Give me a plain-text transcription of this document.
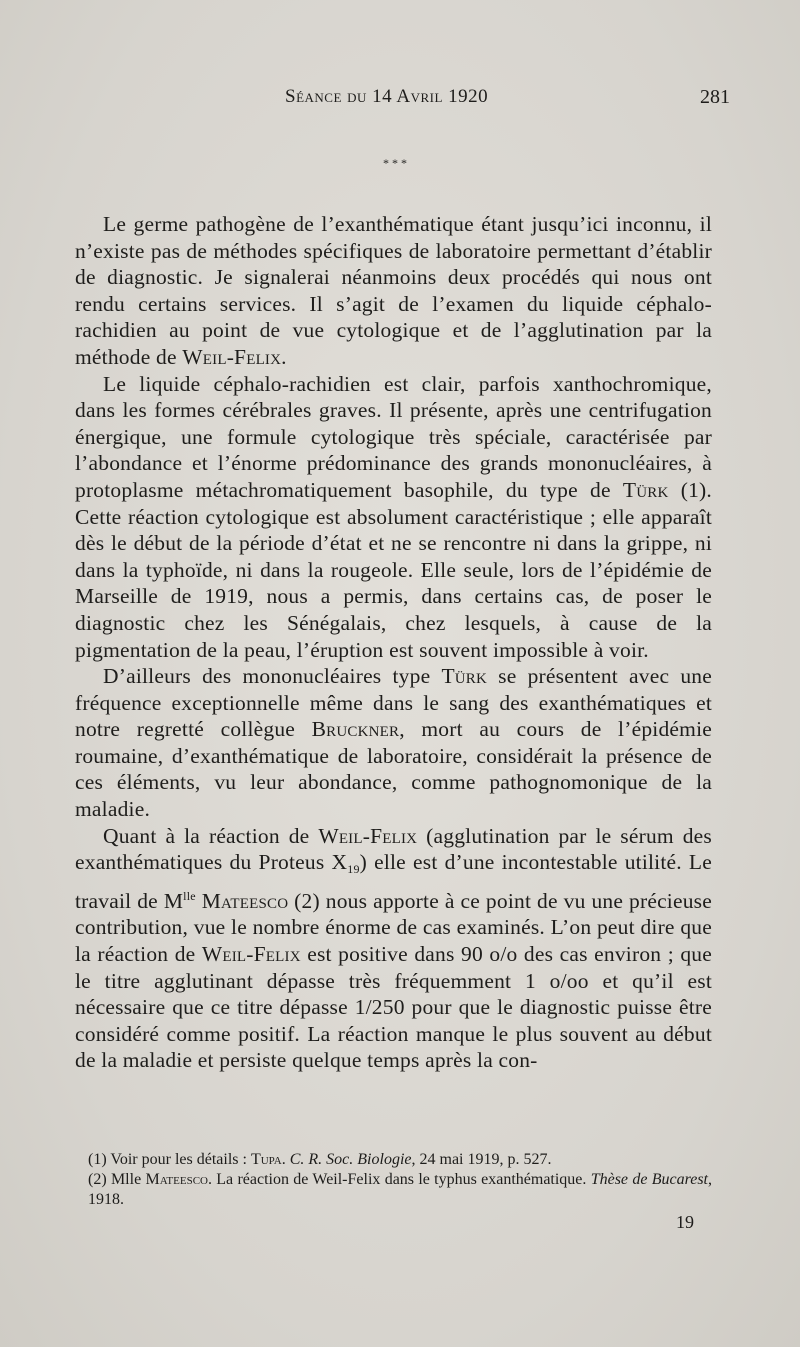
Séance du 14 Avril 1920	281
* * *

Le germe pathogène de l’exanthématique étant jusqu’ici inconnu, il n’existe pas de méthodes spécifiques de laboratoire permettant d’établir de diagnostic. Je signalerai néanmoins deux procédés qui nous ont rendu certains services. Il s’agit de l’examen du liquide céphalo-rachidien au point de vue cytologique et de l’agglutination par la méthode de Weil-Felix.

Le liquide céphalo-rachidien est clair, parfois xanthochromique, dans les formes cérébrales graves. Il présente, après une centrifugation énergique, une formule cytologique très spéciale, caractérisée par l’abondance et l’énorme prédominance des grands mononucléaires, à protoplasme métachromatiquement basophile, du type de Türk (1). Cette réaction cytologique est absolument caractéristique ; elle apparaît dès le début de la période d’état et ne se rencontre ni dans la grippe, ni dans la typhoïde, ni dans la rougeole. Elle seule, lors de l’épidémie de Marseille de 1919, nous a permis, dans certains cas, de poser le diagnostic chez les Sénégalais, chez lesquels, à cause de la pigmentation de la peau, l’éruption est souvent impossible à voir.

D’ailleurs des mononucléaires type Türk se présentent avec une fréquence exceptionnelle même dans le sang des exanthématiques et notre regretté collègue Bruckner, mort au cours de l’épidémie roumaine, d’exanthématique de laboratoire, considérait la présence de ces éléments, vu leur abondance, comme pathognomonique de la maladie.

Quant à la réaction de Weil-Felix (agglutination par le sérum des exanthématiques du Proteus $X_{19}$) elle est d’une incontestable utilité. Le travail de $M^{lle}$ Mateesco (2) nous apporte à ce point de vu une précieuse contribution, vue le nombre énorme de cas examinés. L’on peut dire que la réaction de Weil-Felix est positive dans 90 o/o des cas environ ; que le titre agglutinant dépasse très fréquemment 1 o/oo et qu’il est nécessaire que ce titre dépasse 1/250 pour que le diagnostic puisse être considéré comme positif. La réaction manque le plus souvent au début de la maladie et persiste quelque temps après la con-

(1) Voir pour les détails : Tupa. C. R. Soc. Biologie, 24 mai 1919, p. 527.

(2) Mlle Mateesco. La réaction de Weil-Felix dans le typhus exanthématique. Thèse de Bucarest, 1918.

19
